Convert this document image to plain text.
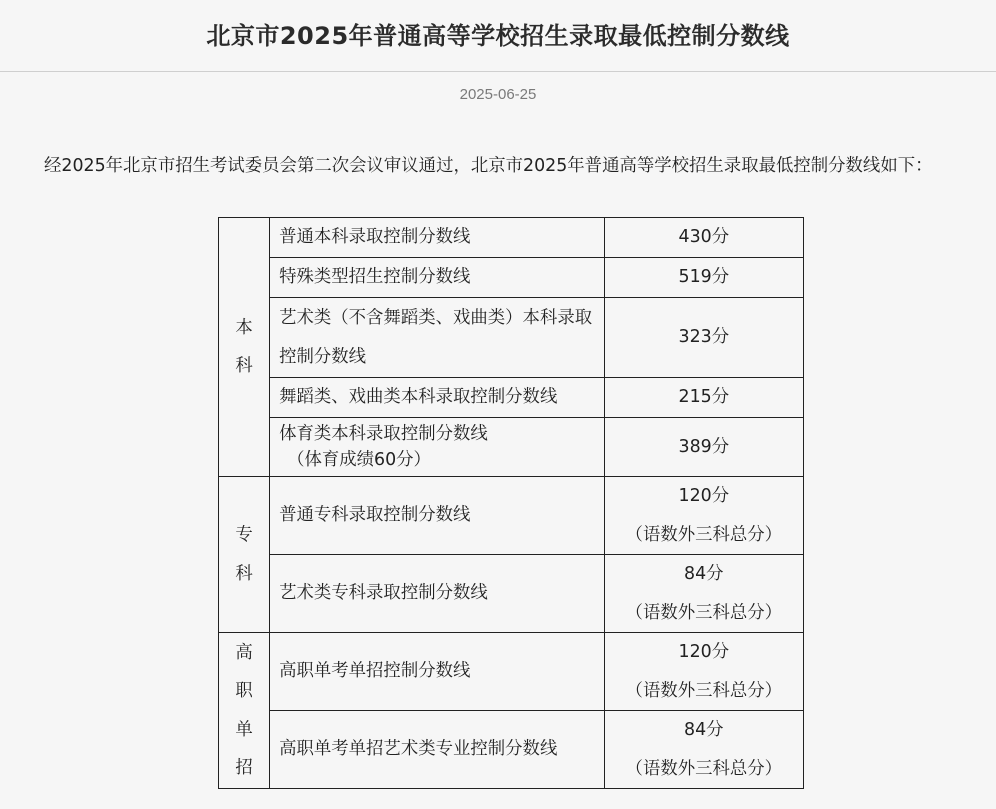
北京市2025年普通高等学校招生录取最低控制分数线
2025-06-25
经2025年北京市招生考试委员会第二次会议审议通过，北京市2025年普通高等学校招生录取最低控制分数线如下：
本科	普通本科录取控制分数线	430分
	特殊类型招生控制分数线	519分
	艺术类（不含舞蹈类、戏曲类）本科录取控制分数线	323分
	舞蹈类、戏曲类本科录取控制分数线	215分

	体育类本科录取控制分数线
（体育成绩60分）	389分

专科	普通专科录取控制分数线	120分
（语数外三科总分）

	艺术类专科录取控制分数线	84分
（语数外三科总分）

高职单招	高职单考单招控制分数线	120分
（语数外三科总分）

	高职单考单招艺术类专业控制分数线	84分
（语数外三科总分）
